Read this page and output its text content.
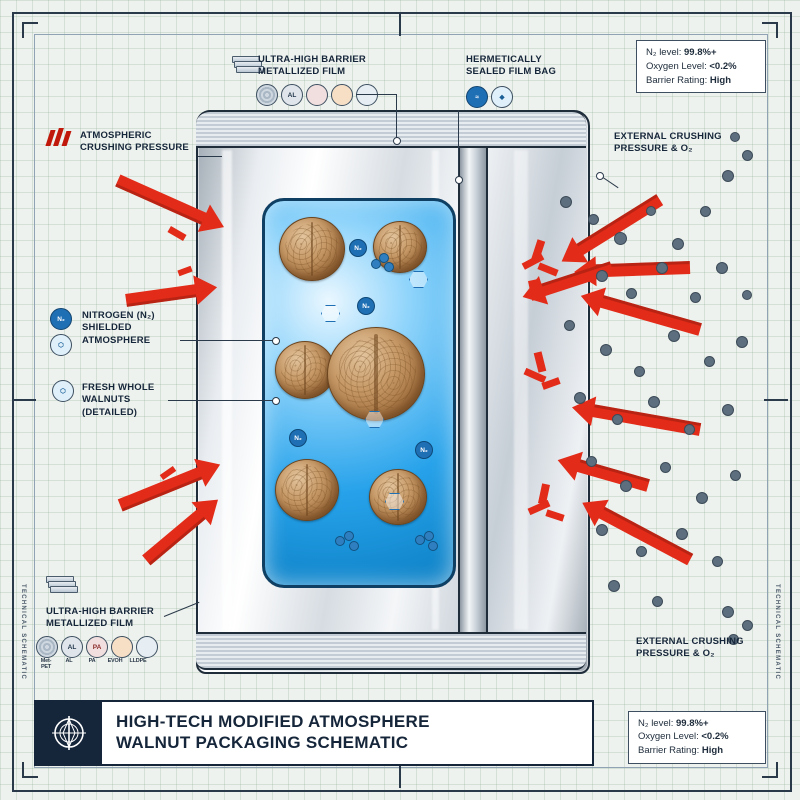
TECHNICAL SCHEMATIC	TECHNICAL SCHEMATIC
N₂
N₂
N₂
N₂
ULTRA-HIGH BARRIER
METALLIZED FILM
AL
HERMETICALLY
SEALED FILM BAG
≈	◆
N₂ level: 99.8%+
Oxygen Level: <0.2%
Barrier Rating: High
N₂ level: 99.8%+
Oxygen Level: <0.2%
Barrier Rating: High
ATMOSPHERIC
CRUSHING PRESSURE
EXTERNAL CRUSHING
PRESSURE & O₂
EXTERNAL CRUSHING
PRESSURE & O₂
N₂
⬡
NITROGEN (N₂)
SHIELDED
ATMOSPHERE
⬡	FRESH WHOLE
WALNUTS
(DETAILED)
ULTRA-HIGH BARRIER
METALLIZED FILM
AL	PA
Met-PET
AL	PA	EVOH	LLDPE
HIGH-TECH MODIFIED ATMOSPHERE
WALNUT PACKAGING SCHEMATIC
